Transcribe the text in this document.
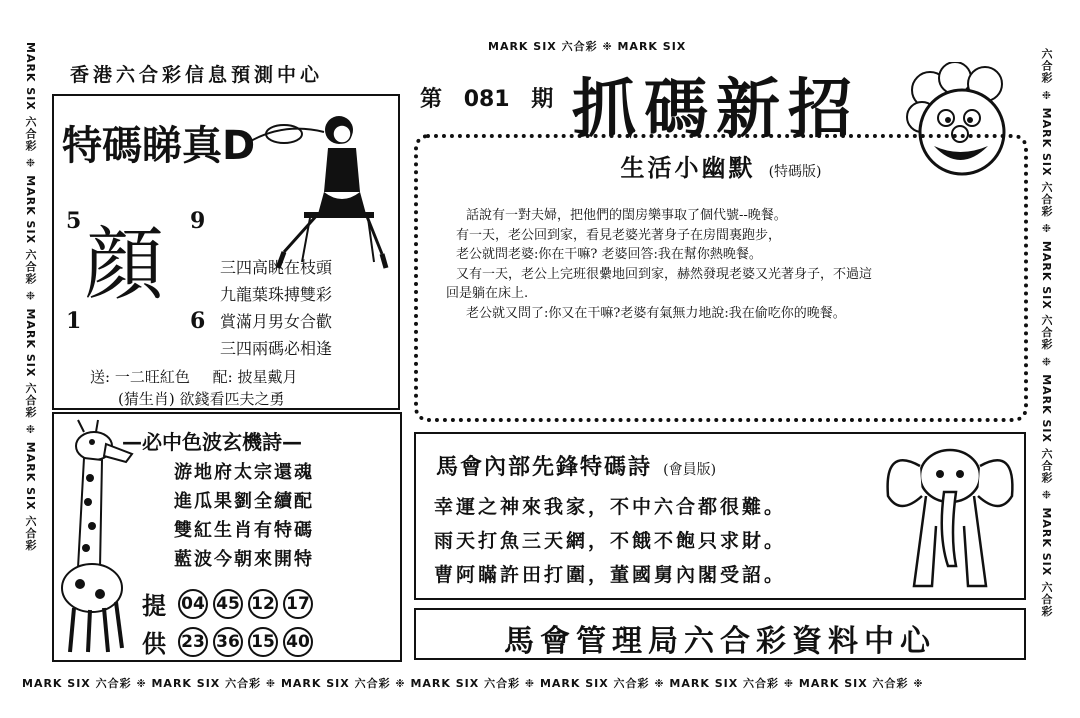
MARK SIX 六合彩 ❉ MARK SIX
MARK SIX 六合彩 ❉ MARK SIX 六合彩 ❉ MARK SIX 六合彩 ❉ MARK SIX 六合彩 ❉ MARK SIX 六合彩 ❉ MARK SIX 六合彩 ❉ MARK SIX 六合彩 ❉
MARK SIX 六合彩 ❉ MARK SIX 六合彩 ❉ MARK SIX 六合彩 ❉ MARK SIX 六合彩	六合彩 ❉ MARK SIX 六合彩 ❉ MARK SIX 六合彩 ❉ MARK SIX 六合彩 ❉ MARK SIX 六合彩
香港六合彩信息預測中心
第 081 期 抓碼新招
特碼睇真D
5	9
1	6
顔	三四高眺在枝頭
九龍葉珠搏雙彩
賞滿月男女合歡
三四兩碼必相逢
送: 一二旺紅色 配: 披星戴月
(猜生肖) 欲錢看匹夫之勇
生活小幽默 (特碼版)
話說有一對夫婦，把他們的閨房樂事取了個代號--晚餐。
有一天，老公回到家，看見老婆光著身子在房間裏跑步，
老公就問老婆:你在干嘛? 老婆回答:我在幫你熱晚餐。
又有一天，老公上完班很纍地回到家，赫然發現老婆又光著身子，不過這
回是躺在床上.
老公就又問了:你又在干嘛?老婆有氣無力地說:我在偷吃你的晚餐。
—必中色波玄機詩—
游地府太宗還魂
進瓜果劉全續配
雙紅生肖有特碼
藍波今朝來開特
提 04 45 12 17
供 23 36 15 40
馬會內部先鋒特碼詩 (會員版)
幸運之神來我家，不中六合都很難。
雨天打魚三天網，不餓不飽只求財。
曹阿瞞許田打圍，董國舅內閣受詔。
馬會管理局六合彩資料中心
